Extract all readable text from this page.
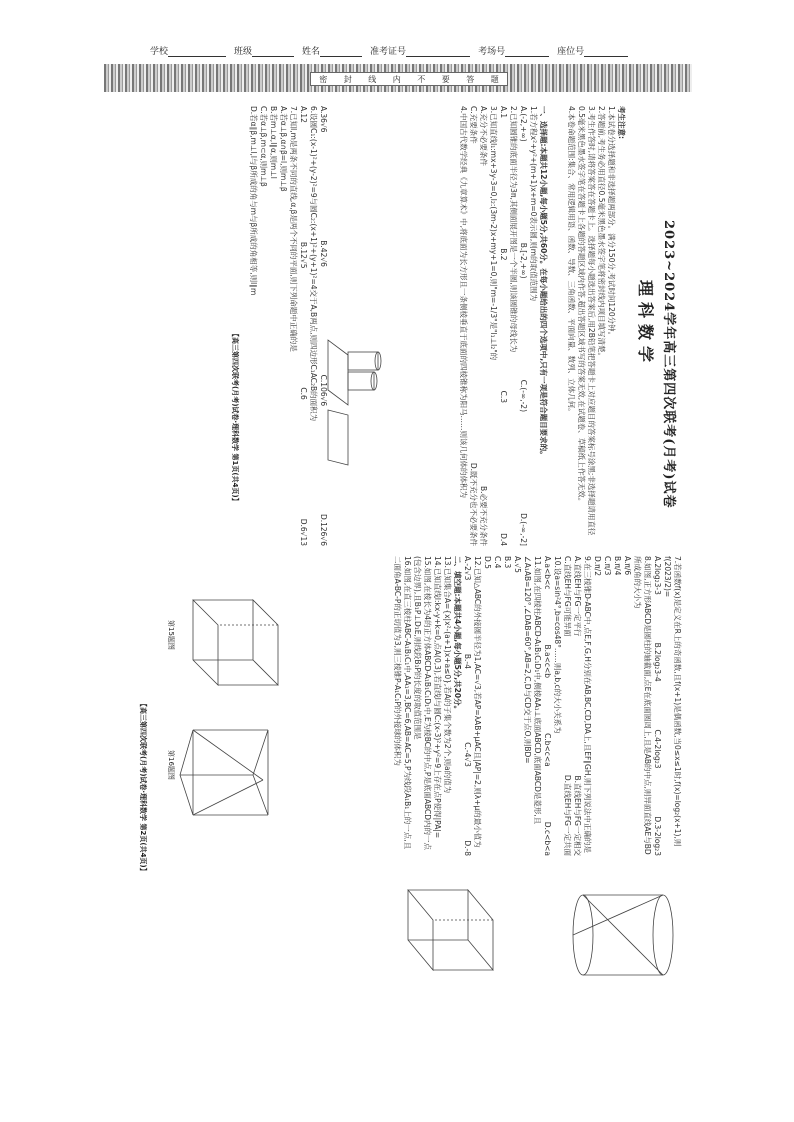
学校	班级	姓名	准考证号	考场号	座位号
密 封 线 内 不 要 答 题
2023~2024学年高三第四次联考(月考)试卷
理科数学
考生注意:
1.本试卷分选择题和非选择题两部分。满分150分,考试时间120分钟。
2.答题前,考生务必用直径0.5毫米黑色墨水签字笔将密封线内项目填写清楚。
3.考生作答时,请将答案答在答题卡上。选择题每小题选出答案后,用2B铅笔把答题卡上对应题目的答案标号涂黑;非选择题请用直径0.5毫米黑色墨水签字笔在答题卡上各题的答题区域内作答,超出答题区域书写的答案无效,在试题卷、草稿纸上作答无效。
4.本卷命题范围:集合、常用逻辑用语、函数、导数、三角函数、平面向量、数列、立体几何。
一、选择题:本题共12小题,每小题5分,共60分。在每小题给出的四个选项中,只有一项是符合题目要求的。
1.若方程x²+y²+(m+1)x+m=0表示圆,则m的取值范围为
A.(-2,+∞)
B.[-2,+∞)
C.(-∞,-2)
D.(-∞,-2]
2.已知圆锥的底面半径为3π,其侧面展开图是一个半圆,则该圆锥的母线长为
A.1
B.2
C.3
D.4
3.已知直线l₁:mx+3y-3=0,l₂:(3m-2)x+my+1=0,则"m=-1/3"是"l₁⊥l₂"的
A.充分不必要条件
B.必要不充分条件
C.充要条件
D.既不充分也不必要条件
4.中国古代数学经典《九章算术》中,将底面为长方形且一条侧棱垂直于底面的四棱锥称为阳马……则该几何体的体积为
A.36√6
B.42√6
C.106√6
D.126√6
6.设圆C₁:(x-1)²+(y-2)²=9与圆C₂:(x+1)²+(y+1)²=4交于A,B两点,则四边形C₁AC₂B的面积为
A.12
B.12√5
C.6
D.6√13
7.已知l,m是两条不同的直线,α,β是两个不同的平面,则下列命题中正确的是
A.若α⊥β,α∩β=l,则m⊥β
B.若m⊥α,l∥α,则m⊥l
C.若α⊥β,m⊂α,则m⊥β
D.若α∥β,m⊥l,l与β所成的角与m与β所成的角相等,则l∥m
【高三第四次联考(月考)试卷·理科数学 第1页(共4页)】
7.若函数f(x)是定义在R上的奇函数,且f(x+1)是偶函数,当0≤x≤1时,f(x)=log₂(x+1),则f(2023/2)=
A.2log₂3-3
B.2log₂3-4
C.4-2log₂3
D.3-2log₂3
8.如图,正方形ABCD是圆柱的轴截面,点E在底面圆周上,且是AB的中点,则异面直线AE与BD所成角的大小为
A.π/6
B.π/4
C.π/3
D.π/2
9.在三棱锥D-ABC中,点E,F,G,H分别在AB,BC,CD,DA上,且EF∥GH,则下列说法中正确的是
A.直线EH与FG一定平行
B.直线EH与FG一定相交
C.直线EH与FG可能异面
D.直线EH与FG一定共面
10.设a=sin²4°,b=cos48°……则a,b,c的大小关系为
A.a<b<c
B.a<c<b
C.b<c<a
D.c<b<a
11.如图,在四棱柱ABCD-A₁B₁C₁D₁中,侧棱AA₁⊥底面ABCD,底面ABCD是菱形,且∠A₁AB=120°,∠DAB=60°,AB=2,C,D与CD交于点O,则BD=
A.√5
B.3
C.4
D.5
12.已知△ABC的外接圆半径为1,AC=√3,若AP=λAB+μAC且|AP|=2,则λ+μ的最小值为
A.-2√3
B.-4
C.-4√3
D.-8
二、填空题:本题共4小题,每小题5分,共20分。
13.已知集合A={x|x²-(a+1)x+a≤0},若A的子集个数为2个,则a的值为
14.已知直线l:kx-y+k=0,点A(0,3),若直线l与圆C:(x-3)²+y²=9上存在点P使得|PA|=
15.如图,在棱长为4的正方体ABCD-A₁B₁C₁D₁中,E为棱BC的中点,P是底面ABCD内的一点(包含边界),且B₁P⊥D₁E,则线段B₁P的长度的取值范围是
16.如图,在直三棱柱ABC-A₁B₁C₁中,AA₁=3,BC=6,AB=AC=5,P为线段A₁B₁上的一点,且二面角A-BC-P的正切值为3,则三棱锥P-A₁C₁P的外接球的体积为
第15题图
第16题图
【高三第四次联考(月考)试卷·理科数学 第2页(共4页)】
